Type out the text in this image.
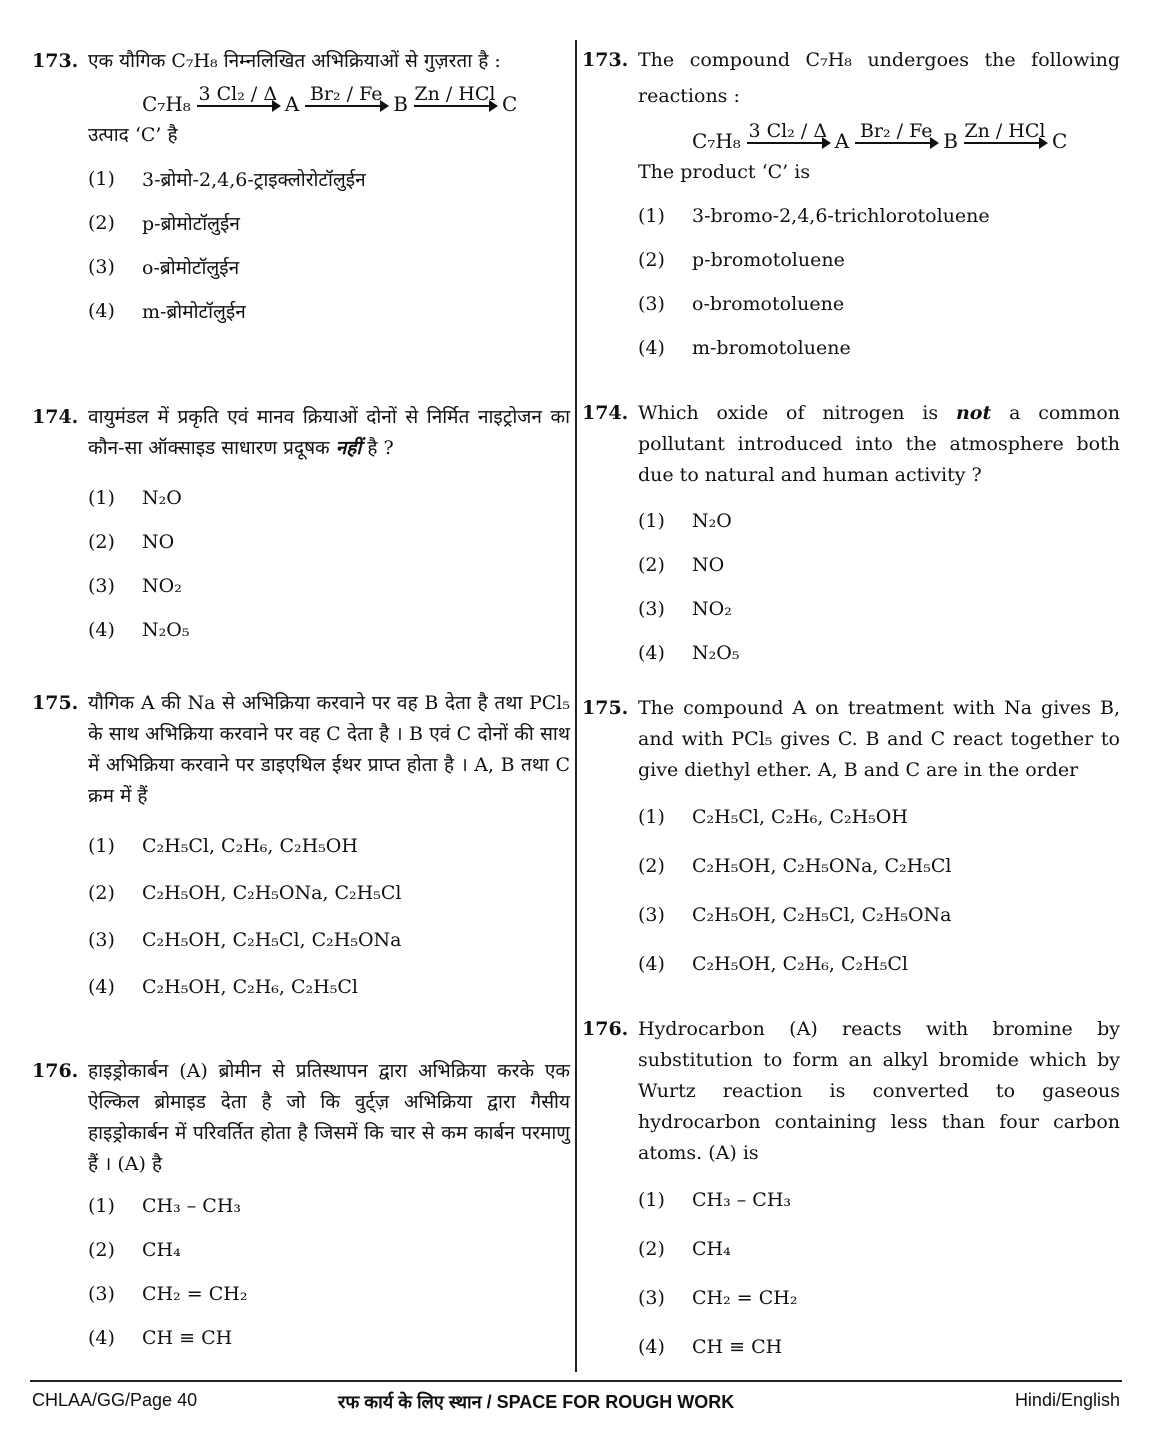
173. एक यौगिक C₇H₈ निम्नलिखित अभिक्रियाओं से गुज़रता है :
C₇H₈ 3 Cl₂ / Δ A Br₂ / Fe B Zn / HCl C
उत्पाद ‘C’ है
(1)	3-ब्रोमो-2,4,6-ट्राइक्लोरोटॉलुईन
(2)	p-ब्रोमोटॉलुईन
(3)	o-ब्रोमोटॉलुईन
(4)	m-ब्रोमोटॉलुईन
174. वायुमंडल में प्रकृति एवं मानव क्रियाओं दोनों से निर्मित नाइट्रोजन का कौन-सा ऑक्साइड साधारण प्रदूषक नहीं है ?
(1)	N₂O
(2)	NO
(3)	NO₂
(4)	N₂O₅
175. यौगिक A की Na से अभिक्रिया करवाने पर वह B देता है तथा PCl₅ के साथ अभिक्रिया करवाने पर वह C देता है । B एवं C दोनों की साथ में अभिक्रिया करवाने पर डाइएथिल ईथर प्राप्त होता है । A, B तथा C क्रम में हैं
(1)	C₂H₅Cl, C₂H₆, C₂H₅OH
(2)	C₂H₅OH, C₂H₅ONa, C₂H₅Cl
(3)	C₂H₅OH, C₂H₅Cl, C₂H₅ONa
(4)	C₂H₅OH, C₂H₆, C₂H₅Cl
176. हाइड्रोकार्बन (A) ब्रोमीन से प्रतिस्थापन द्वारा अभिक्रिया करके एक ऐल्किल ब्रोमाइड देता है जो कि वुर्ट्ज़ अभिक्रिया द्वारा गैसीय हाइड्रोकार्बन में परिवर्तित होता है जिसमें कि चार से कम कार्बन परमाणु हैं । (A) है
(1)	CH₃ – CH₃
(2)	CH₄
(3)	CH₂ = CH₂
(4)	CH ≡ CH
173. The compound C₇H₈ undergoes the following reactions :
C₇H₈ 3 Cl₂ / Δ A Br₂ / Fe B Zn / HCl C
The product ‘C’ is
(1)	3-bromo-2,4,6-trichlorotoluene
(2)	p-bromotoluene
(3)	o-bromotoluene
(4)	m-bromotoluene
174. Which oxide of nitrogen is not a common pollutant introduced into the atmosphere both due to natural and human activity ?
(1)	N₂O
(2)	NO
(3)	NO₂
(4)	N₂O₅
175. The compound A on treatment with Na gives B, and with PCl₅ gives C. B and C react together to give diethyl ether. A, B and C are in the order
(1)	C₂H₅Cl, C₂H₆, C₂H₅OH
(2)	C₂H₅OH, C₂H₅ONa, C₂H₅Cl
(3)	C₂H₅OH, C₂H₅Cl, C₂H₅ONa
(4)	C₂H₅OH, C₂H₆, C₂H₅Cl
176. Hydrocarbon (A) reacts with bromine by substitution to form an alkyl bromide which by Wurtz reaction is converted to gaseous hydrocarbon containing less than four carbon atoms. (A) is
(1)	CH₃ – CH₃
(2)	CH₄
(3)	CH₂ = CH₂
(4)	CH ≡ CH
CHLAA/GG/Page 40	रफ कार्य के लिए स्थान / SPACE FOR ROUGH WORK	Hindi/English
